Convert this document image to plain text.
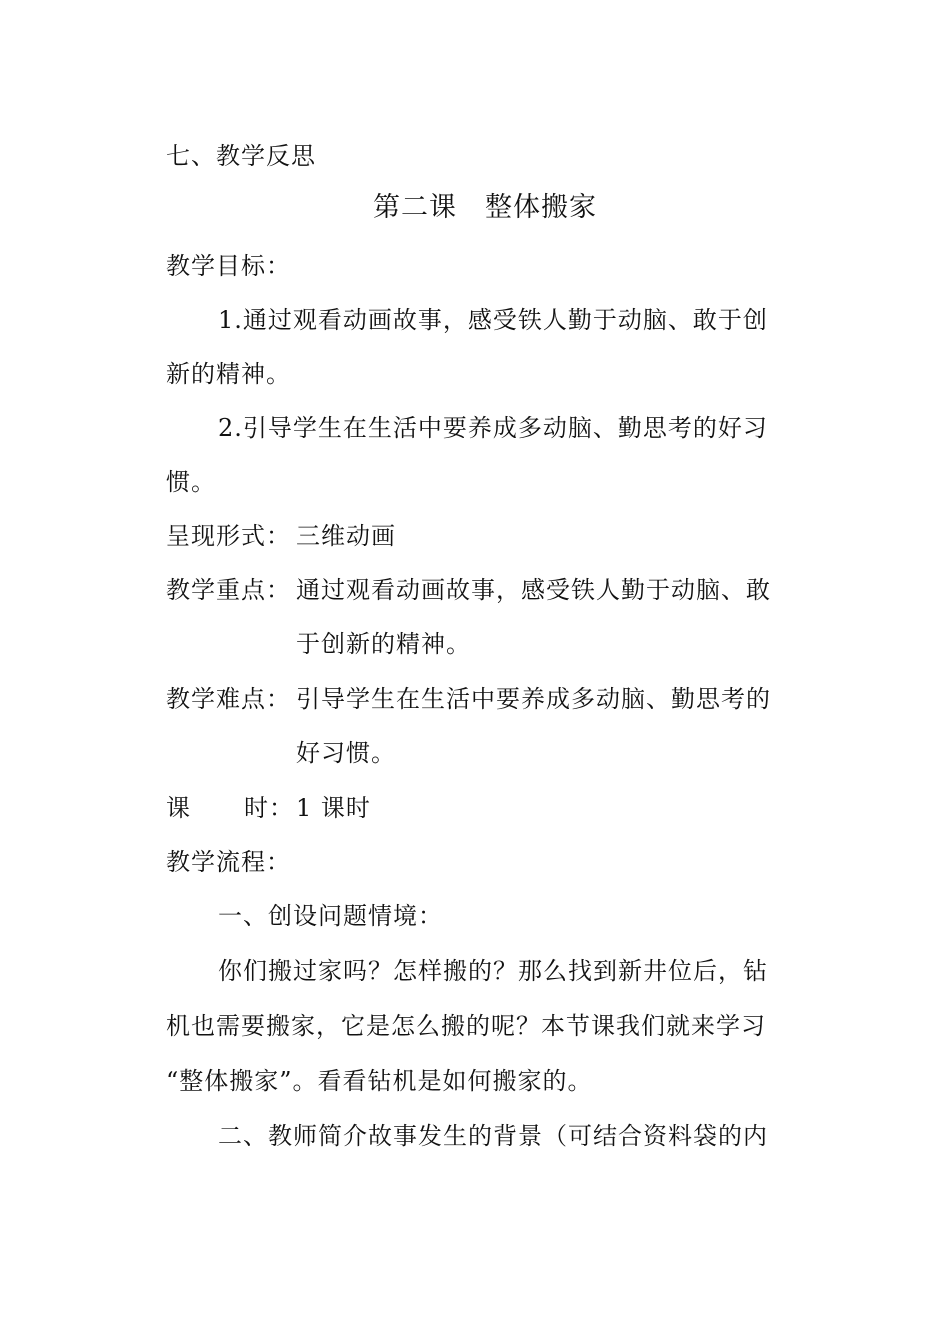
七、教学反思
第二课　整体搬家
教学目标：
1.通过观看动画故事，感受铁人勤于动脑、敢于创
新的精神。
2.引导学生在生活中要养成多动脑、勤思考的好习
惯。
呈现形式： 三维动画
教学重点： 通过观看动画故事，感受铁人勤于动脑、敢
于创新的精神。
教学难点： 引导学生在生活中要养成多动脑、勤思考的
好习惯。
课 时： 1 课时
教学流程：
一、创设问题情境：
你们搬过家吗？怎样搬的？那么找到新井位后，钻
机也需要搬家，它是怎么搬的呢？本节课我们就来学习
“整体搬家”。看看钻机是如何搬家的。
二、教师简介故事发生的背景（可结合资料袋的内
